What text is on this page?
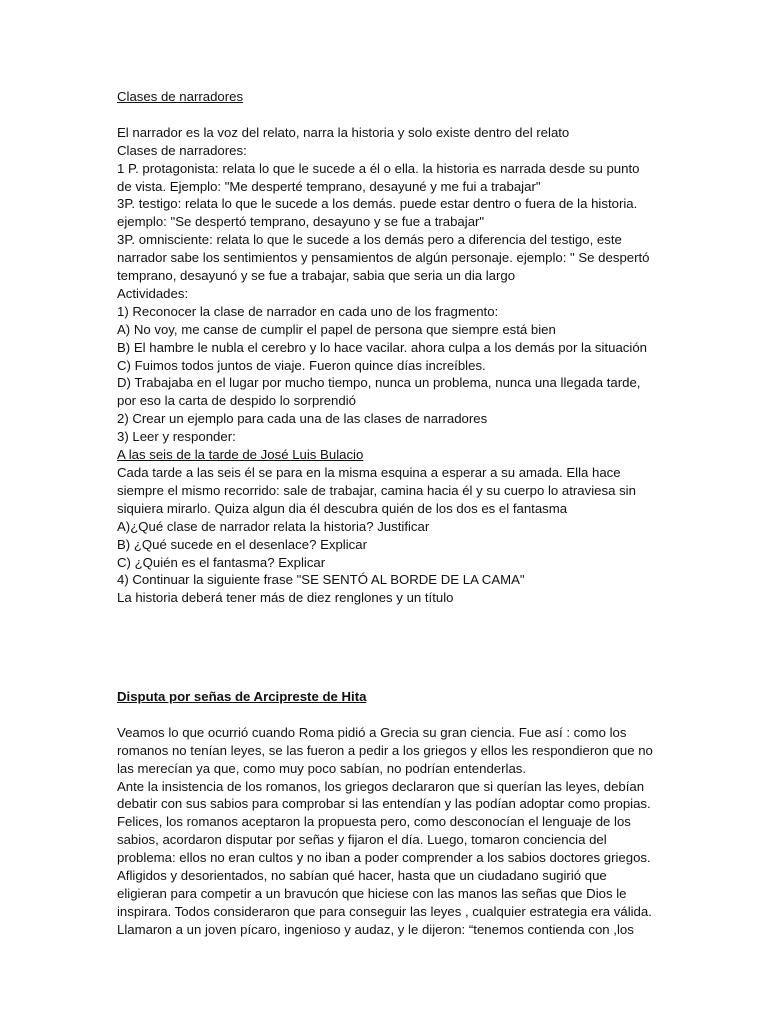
Clases de narradores
El narrador es la voz del relato, narra la historia y solo existe dentro del relato
Clases de narradores:
1 P. protagonista: relata lo que le sucede a él o ella. la historia es narrada desde su punto
de vista. Ejemplo: "Me desperté temprano, desayuné y me fui a trabajar"
3P. testigo: relata lo que le sucede a los demás. puede estar dentro o fuera de la historia.
ejemplo: "Se despertó temprano, desayuno y se fue a trabajar"
3P. omnisciente: relata lo que le sucede a los demás pero a diferencia del testigo, este
narrador sabe los sentimientos y pensamientos de algún personaje. ejemplo: " Se despertó
temprano, desayunó y se fue a trabajar, sabia que seria un dia largo
Actividades:
1) Reconocer la clase de narrador en cada uno de los fragmento:
A) No voy, me canse de cumplir el papel de persona que siempre está bien
B) El hambre le nubla el cerebro y lo hace vacilar. ahora culpa a los demás por la situación
C) Fuimos todos juntos de viaje. Fueron quince días increíbles.
D) Trabajaba en el lugar por mucho tiempo, nunca un problema, nunca una llegada tarde,
por eso la carta de despido lo sorprendió
2) Crear un ejemplo para cada una de las clases de narradores
3) Leer y responder:
A las seis de la tarde de José Luis Bulacio
Cada tarde a las seis él se para en la misma esquina a esperar a su amada. Ella hace
siempre el mismo recorrido: sale de trabajar, camina hacia él y su cuerpo lo atraviesa sin
siquiera mirarlo. Quiza algun dia él descubra quién de los dos es el fantasma
A)¿Qué clase de narrador relata la historia? Justificar
B) ¿Qué sucede en el desenlace? Explicar
C) ¿Quién es el fantasma? Explicar
4) Continuar la siguiente frase "SE SENTÓ AL BORDE DE LA CAMA"
La historia deberá tener más de diez renglones y un título
Disputa por señas de Arcipreste de Hita
Veamos lo que ocurrió cuando Roma pidió a Grecia su gran ciencia. Fue así : como los
romanos no tenían leyes, se las fueron a pedir a los griegos y ellos les respondieron que no
las merecían ya que, como muy poco sabían, no podrían entenderlas.
Ante la insistencia de los romanos, los griegos declararon que si querían las leyes, debían
debatir con sus sabios para comprobar si las entendían y las podían adoptar como propias.
Felices, los romanos aceptaron la propuesta pero, como desconocían el lenguaje de los
sabios, acordaron disputar por señas y fijaron el día. Luego, tomaron conciencia del
problema: ellos no eran cultos y no iban a poder comprender a los sabios doctores griegos.
Afligidos y desorientados, no sabían qué hacer, hasta que un ciudadano sugirió que
eligieran para competir a un bravucón que hiciese con las manos las señas que Dios le
inspirara. Todos consideraron que para conseguir las leyes , cualquier estrategia era válida.
Llamaron a un joven pícaro, ingenioso y audaz, y le dijeron: “tenemos contienda con ,los
